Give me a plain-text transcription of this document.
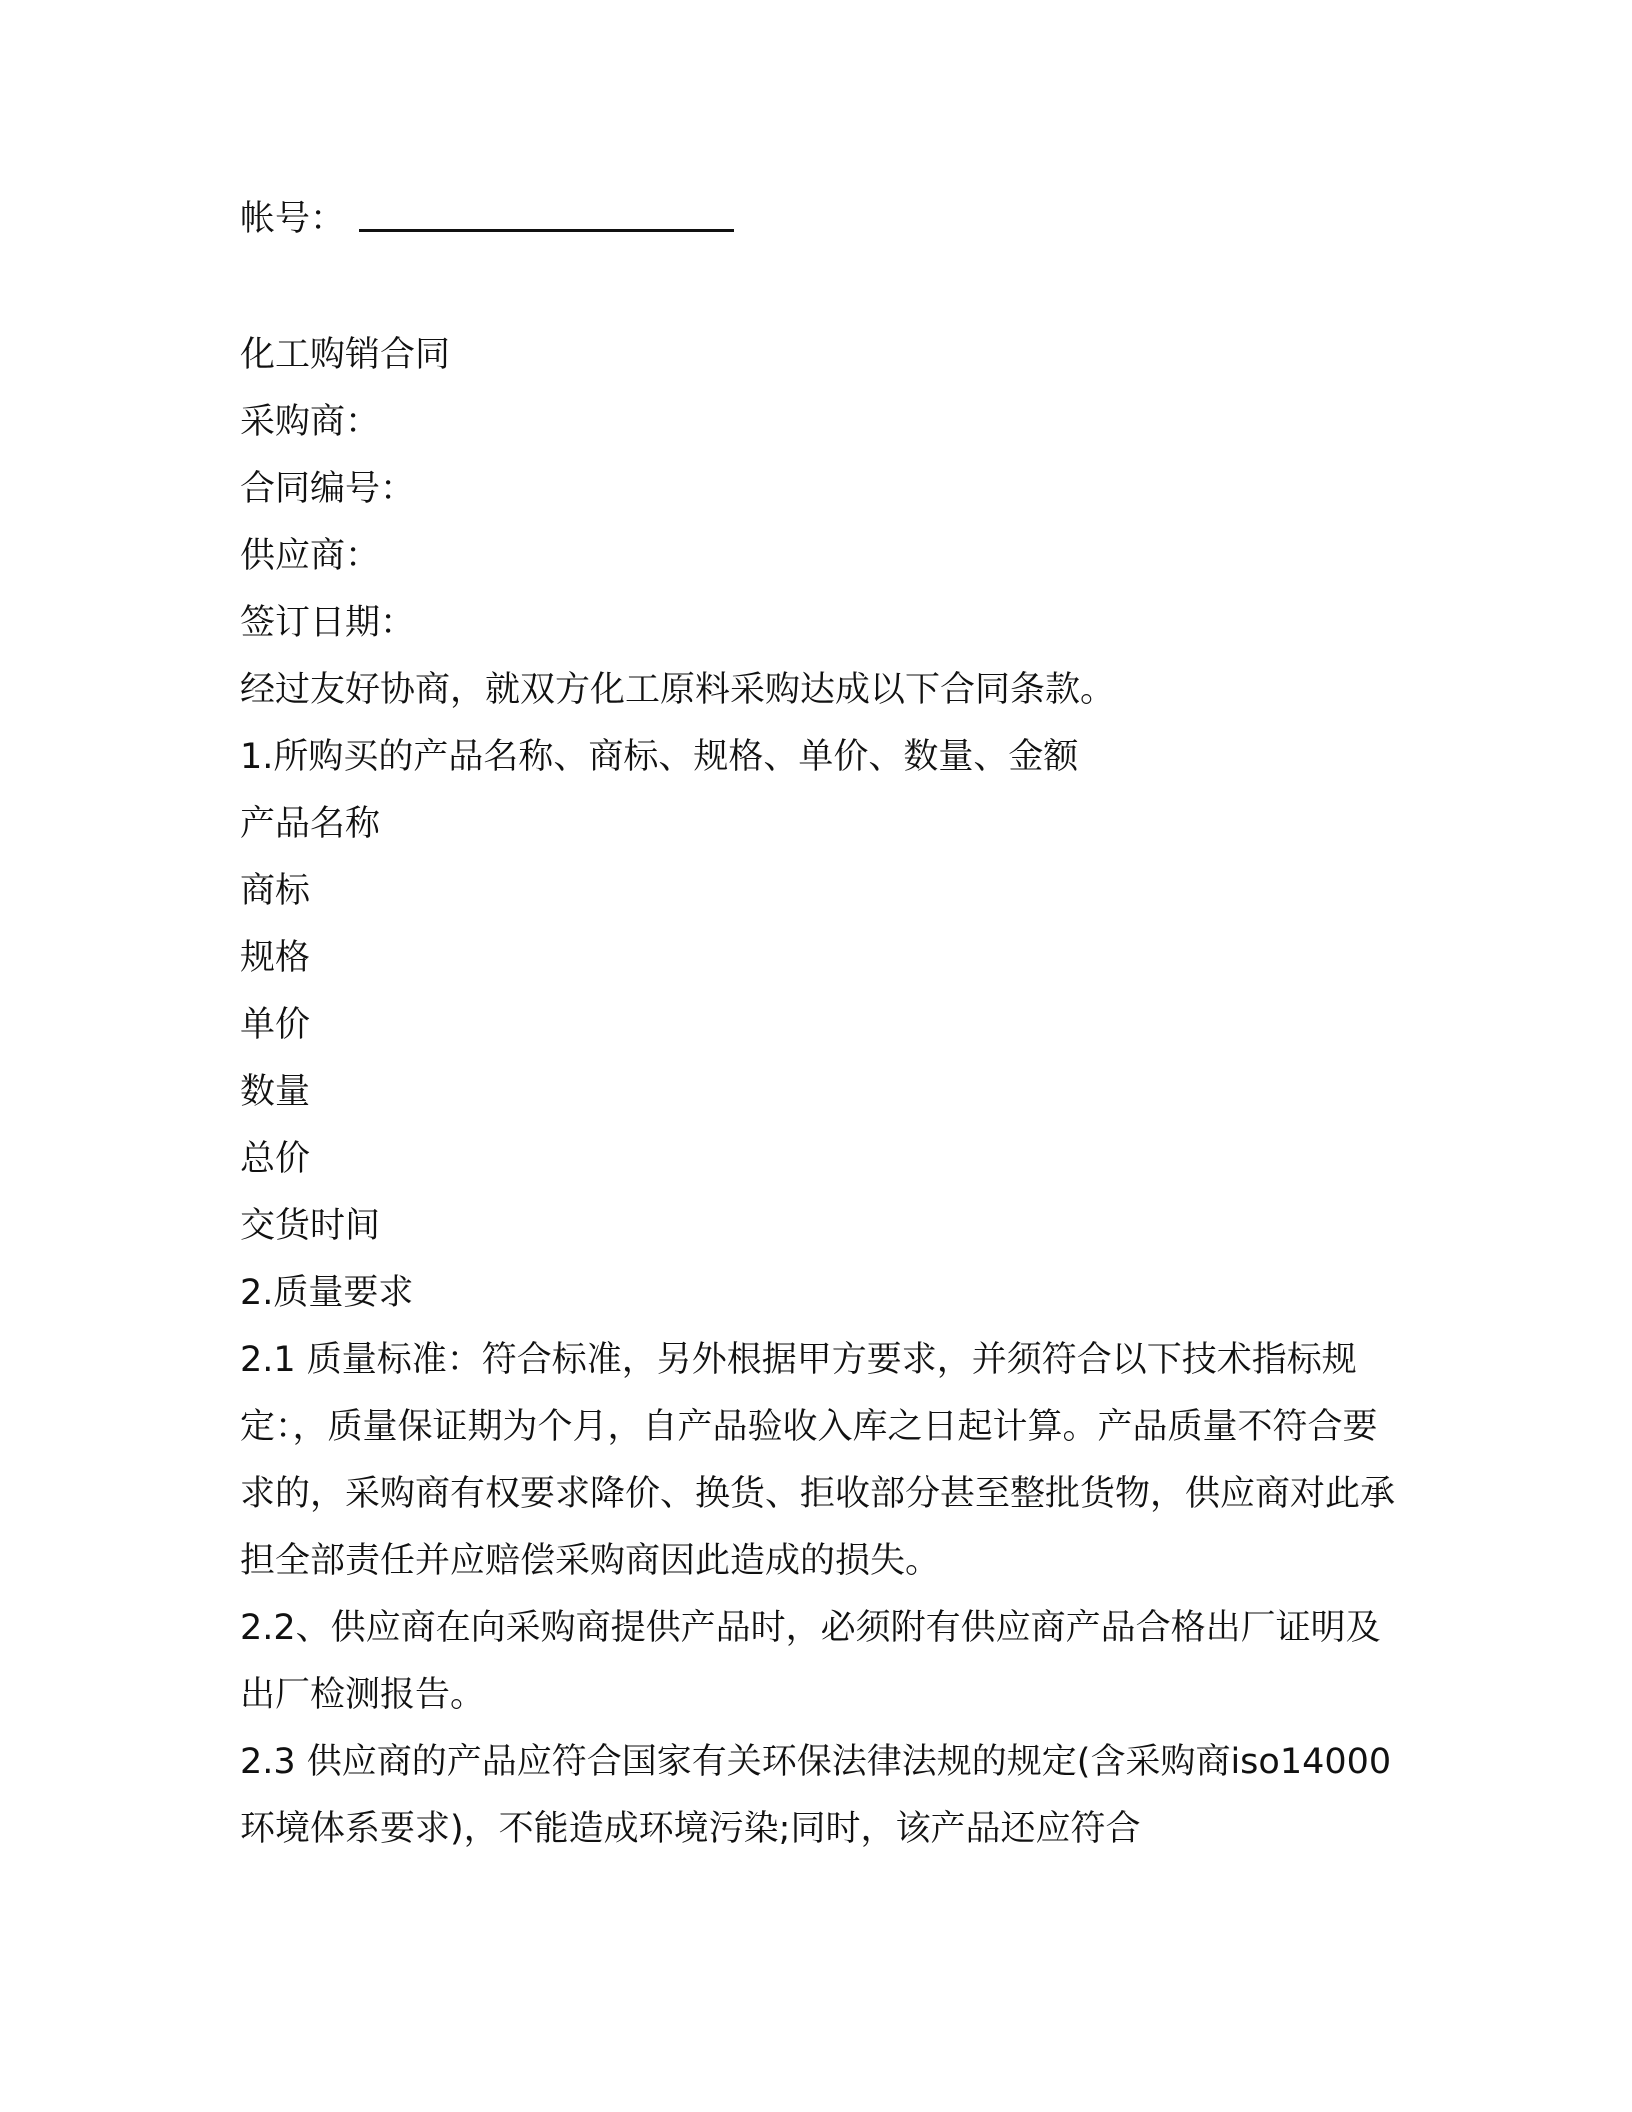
帐号：

化工购销合同

采购商：

合同编号：

供应商：

签订日期：

经过友好协商，就双方化工原料采购达成以下合同条款。

1.所购买的产品名称、商标、规格、单价、数量、金额

产品名称

商标

规格

单价

数量

总价

交货时间

2.质量要求

2.1 质量标准：符合标准，另外根据甲方要求，并须符合以下技术指标规定：，质量保证期为个月，自产品验收入库之日起计算。产品质量不符合要求的，采购商有权要求降价、换货、拒收部分甚至整批货物，供应商对此承担全部责任并应赔偿采购商因此造成的损失。

2.2、供应商在向采购商提供产品时，必须附有供应商产品合格出厂证明及出厂检测报告。

2.3 供应商的产品应符合国家有关环保法律法规的规定(含采购商iso14000 环境体系要求)，不能造成环境污染;同时，该产品还应符合
